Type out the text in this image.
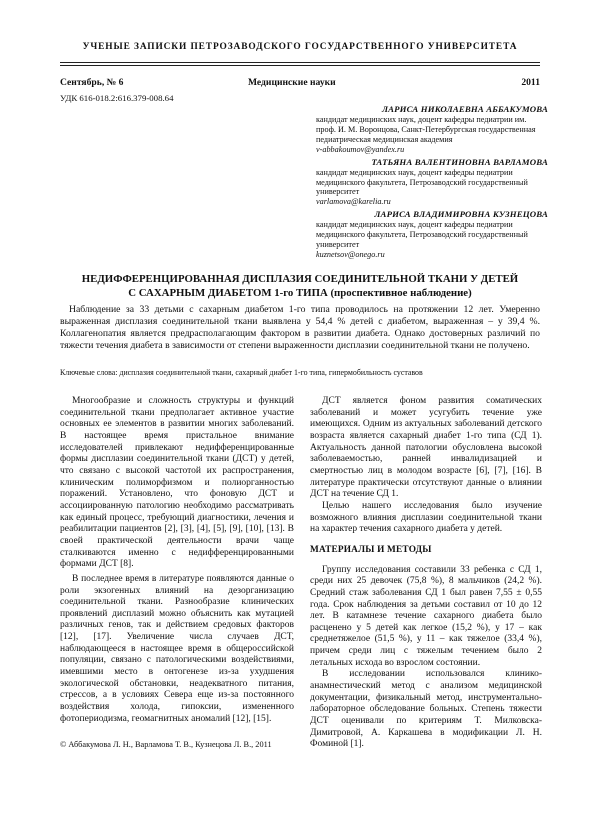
УЧЕНЫЕ ЗАПИСКИ ПЕТРОЗАВОДСКОГО ГОСУДАРСТВЕННОГО УНИВЕРСИТЕТА
Сентябрь, № 6	Медицинские науки	2011
УДК 616-018.2:616.379-008.64
ЛАРИСА НИКОЛАЕВНА АББАКУМОВА
кандидат медицинских наук, доцент кафедры педиатрии им. проф. И. М. Воронцова, Санкт-Петербургская государственная педиатрическая медицинская академия
v-abbakoumov@yandex.ru
ТАТЬЯНА ВАЛЕНТИНОВНА ВАРЛАМОВА
кандидат медицинских наук, доцент кафедры педиатрии медицинского факультета, Петрозаводский государственный университет
varlamova@karelia.ru
ЛАРИСА ВЛАДИМИРОВНА КУЗНЕЦОВА
кандидат медицинских наук, доцент кафедры педиатрии медицинского факультета, Петрозаводский государственный университет
kuznetsov@onego.ru
НЕДИФФЕРЕНЦИРОВАННАЯ ДИСПЛАЗИЯ СОЕДИНИТЕЛЬНОЙ ТКАНИ У ДЕТЕЙ
С САХАРНЫМ ДИАБЕТОМ 1-го ТИПА (проспективное наблюдение)
Наблюдение за 33 детьми с сахарным диабетом 1-го типа проводилось на протяжении 12 лет. Умеренно выраженная дисплазия соединительной ткани выявлена у 54,4 % детей с диабетом, выраженная – у 39,4 %. Коллагенопатия является предрасполагающим фактором в развитии диабета. Однако достоверных различий по тяжести течения диабета в зависимости от степени выраженности дисплазии соединительной ткани не получено.
Ключевые слова: дисплазия соединительной ткани, сахарный диабет 1-го типа, гипермобильность суставов

Многообразие и сложность структуры и функций соединительной ткани предполагает активное участие основных ее элементов в развитии многих заболеваний. В настоящее время пристальное внимание исследователей привлекают недифференцированные формы дисплазии соединительной ткани (ДСТ) у детей, что связано с высокой частотой их распространения, клиническим полиморфизмом и полиорганностью поражений. Установлено, что фоновую ДСТ и ассоциированную патологию необходимо рассматривать как единый процесс, требующий диагностики, лечения и реабилитации пациентов [2], [3], [4], [5], [9], [10], [13]. В своей практической деятельности врачи чаще сталкиваются именно с недифференцированными формами ДСТ [8].

В последнее время в литературе появляются данные о роли экзогенных влияний на дезорганизацию соединительной ткани. Разнообразие клинических проявлений дисплазий можно объяснить как мутацией различных генов, так и действием средовых факторов [12], [17]. Увеличение числа случаев ДСТ, наблюдающееся в настоящее время в общероссийской популяции, связано с патологическими воздействиями, имевшими место в онтогенезе из-за ухудшения экологической обстановки, неадекватного питания, стрессов, а в условиях Севера еще из-за постоянного воздействия холода, гипоксии, измененного фотопериодизма, геомагнитных аномалий [12], [15].

ДСТ является фоном развития соматических заболеваний и может усугубить течение уже имеющихся. Одним из актуальных заболеваний детского возраста является сахарный диабет 1-го типа (СД 1). Актуальность данной патологии обусловлена высокой заболеваемостью, ранней инвалидизацией и смертностью лиц в молодом возрасте [6], [7], [16]. В литературе практически отсутствуют данные о влиянии ДСТ на течение СД 1.

Целью нашего исследования было изучение возможного влияния дисплазии соединительной ткани на характер течения сахарного диабета у детей.

МАТЕРИАЛЫ И МЕТОДЫ

Группу исследования составили 33 ребенка с СД 1, среди них 25 девочек (75,8 %), 8 мальчиков (24,2 %). Средний стаж заболевания СД 1 был равен 7,55 ± 0,55 года. Срок наблюдения за детьми составил от 10 до 12 лет. В катамнезе течение сахарного диабета было расценено у 5 детей как легкое (15,2 %), у 17 – как среднетяжелое (51,5 %), у 11 – как тяжелое (33,4 %), причем среди лиц с тяжелым течением было 2 летальных исхода во взрослом состоянии.

В исследовании использовался клинико-анамнестический метод с анализом медицинской документации, физикальный метод, инструментально-лабораторное обследование больных. Степень тяжести ДСТ оценивали по критериям Т. Милковска-Димитровой, А. Каркашева в модификации Л. Н. Фоминой [1].

© Аббакумова Л. Н., Варламова Т. В., Кузнецова Л. В., 2011
